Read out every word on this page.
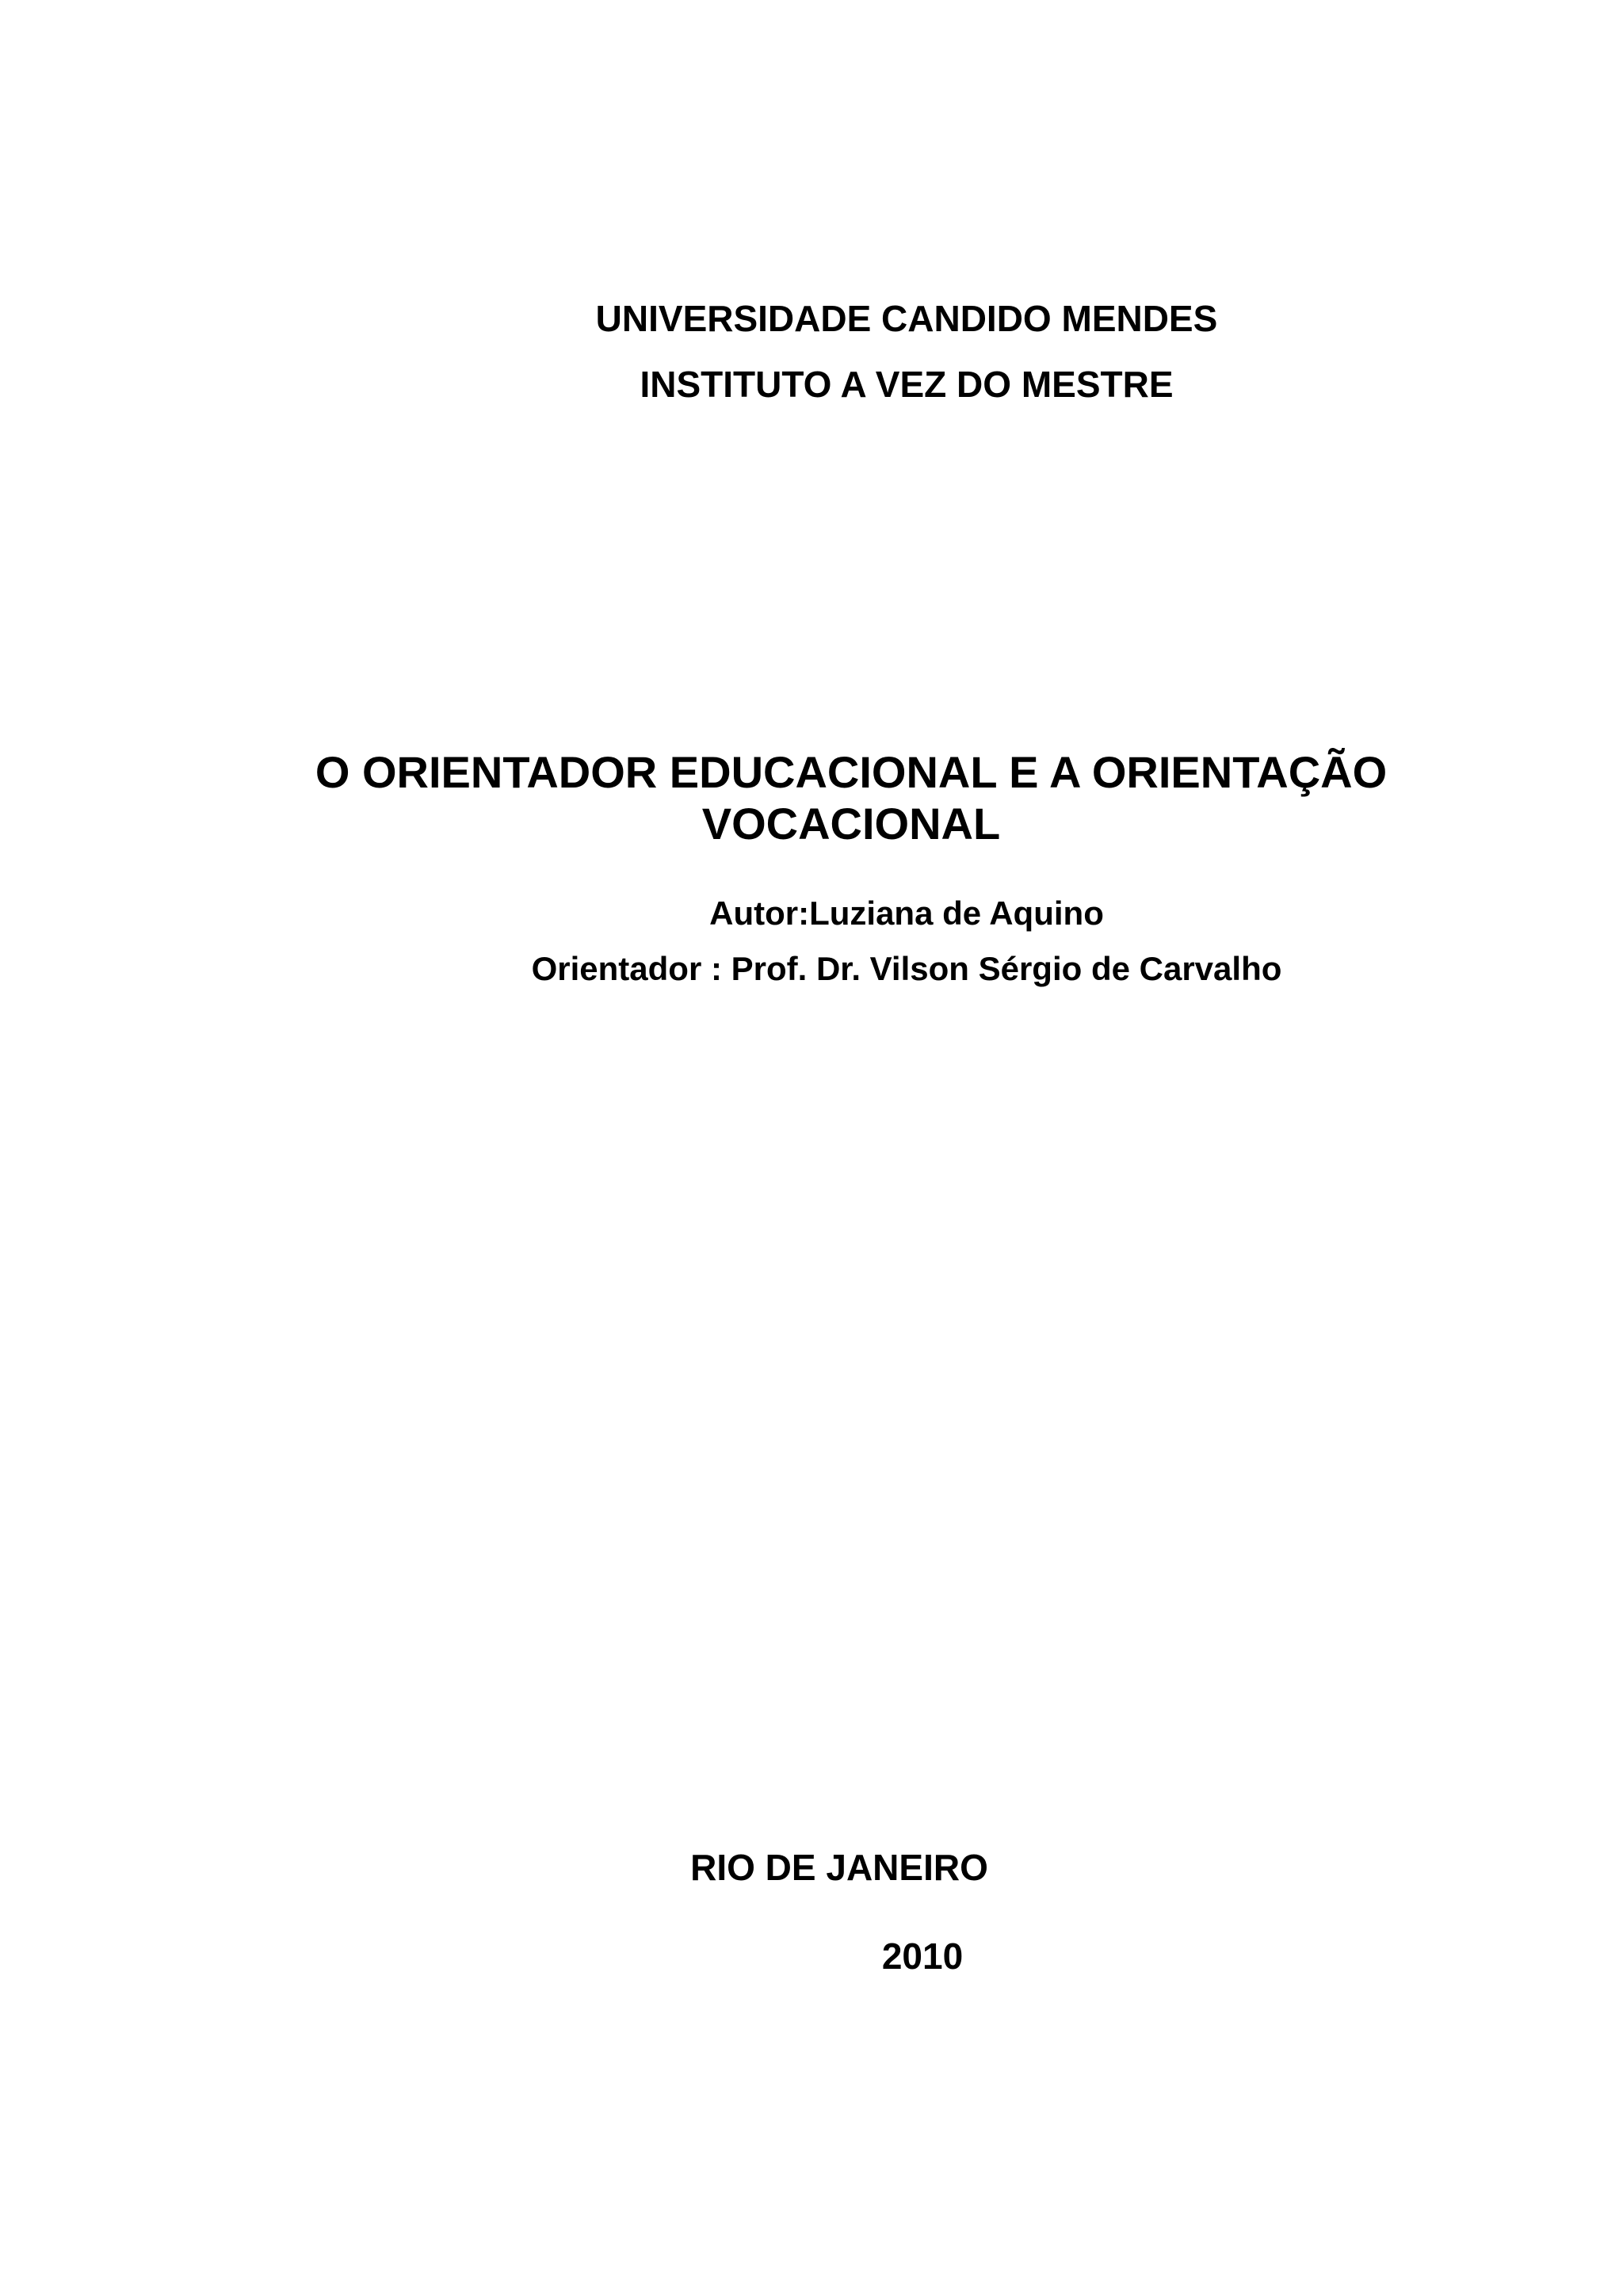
UNIVERSIDADE CANDIDO MENDES
INSTITUTO A VEZ DO MESTRE
O ORIENTADOR EDUCACIONAL E A ORIENTAÇÃO
VOCACIONAL
Autor:Luziana de Aquino
Orientador : Prof. Dr. Vilson Sérgio de Carvalho
RIO DE JANEIRO
2010
